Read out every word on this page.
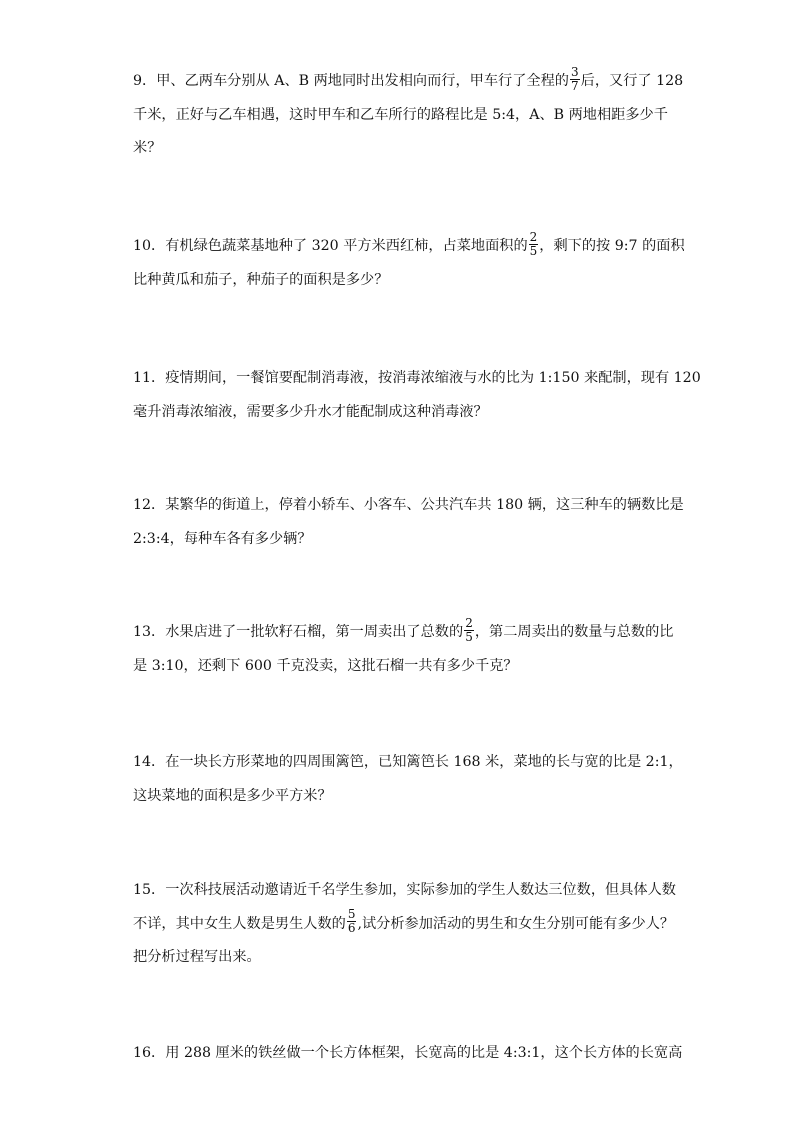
9．甲、乙两车分别从 A、B 两地同时出发相向而行，甲车行了全程的 $\frac{3}{7}$ 后，又行了 128

千米，正好与乙车相遇，这时甲车和乙车所行的路程比是 5:4，A、B 两地相距多少千

米？

10．有机绿色蔬菜基地种了 320 平方米西红柿，占菜地面积的 $\frac{2}{5}$ ，剩下的按 9:7 的面积

比种黄瓜和茄子，种茄子的面积是多少？

11．疫情期间，一餐馆要配制消毒液，按消毒浓缩液与水的比为 1:150 来配制，现有 120

毫升消毒浓缩液，需要多少升水才能配制成这种消毒液？

12．某繁华的街道上，停着小轿车、小客车、公共汽车共 180 辆，这三种车的辆数比是

2:3:4，每种车各有多少辆？

13．水果店进了一批软籽石榴，第一周卖出了总数的 $\frac{2}{5}$ ，第二周卖出的数量与总数的比

是 3:10，还剩下 600 千克没卖，这批石榴一共有多少千克？

14．在一块长方形菜地的四周围篱笆，已知篱笆长 168 米，菜地的长与宽的比是 2:1，

这块菜地的面积是多少平方米？

15．一次科技展活动邀请近千名学生参加，实际参加的学生人数达三位数，但具体人数

不详，其中女生人数是男生人数的 $\frac{5}{6}$ ,试分析参加活动的男生和女生分别可能有多少人？

把分析过程写出来。

16．用 288 厘米的铁丝做一个长方体框架，长宽高的比是 4:3:1，这个长方体的长宽高
